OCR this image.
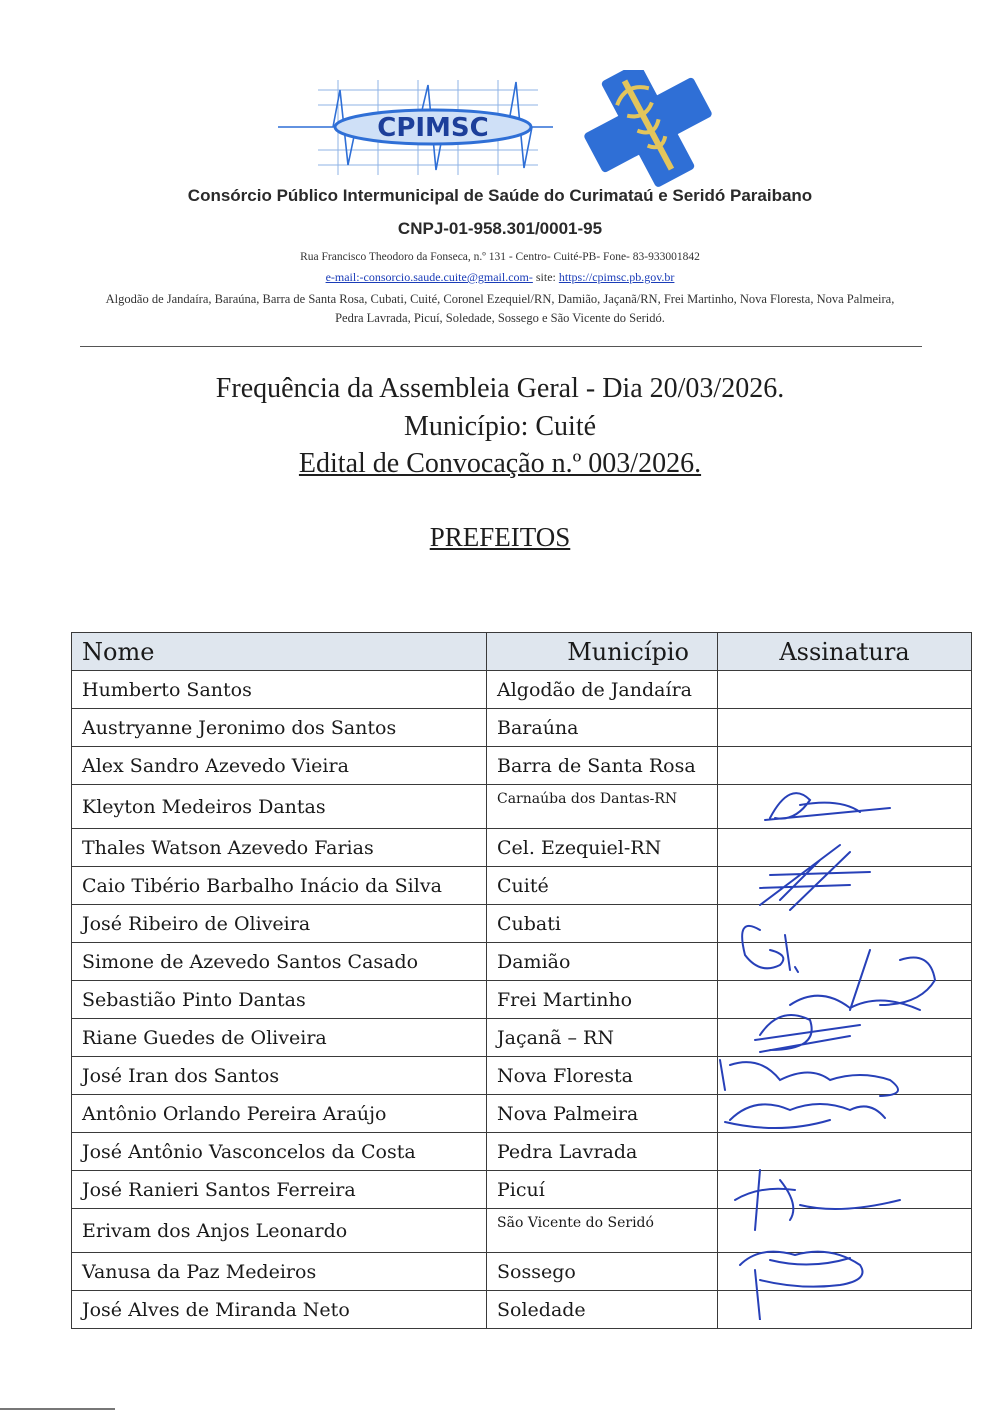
CPIMSC
Consórcio Público Intermunicipal de Saúde do Curimataú e Seridó Paraibano
CNPJ-01-958.301/0001-95
Rua Francisco Theodoro da Fonseca, n.º 131 - Centro- Cuité-PB- Fone- 83-933001842
e-mail:-consorcio.saude.cuite@gmail.com- site: https://cpimsc.pb.gov.br
Algodão de Jandaíra, Baraúna, Barra de Santa Rosa, Cubati, Cuité, Coronel Ezequiel/RN, Damião, Jaçanã/RN, Frei Martinho, Nova Floresta, Nova Palmeira, Pedra Lavrada, Picuí, Soledade, Sossego e São Vicente do Seridó.
Frequência da Assembleia Geral - Dia 20/03/2026.
Município: Cuité
Edital de Convocação n.º 003/2026.
PREFEITOS
Nome	Município	Assinatura
Humberto Santos	Algodão de Jandaíra	
Austryanne Jeronimo dos Santos	Baraúna	
Alex Sandro Azevedo Vieira	Barra de Santa Rosa	
Kleyton Medeiros Dantas	Carnaúba dos Dantas-RN	
Thales Watson Azevedo Farias	Cel. Ezequiel-RN	
Caio Tibério Barbalho Inácio da Silva	Cuité	
José Ribeiro de Oliveira	Cubati	
Simone de Azevedo Santos Casado	Damião	
Sebastião Pinto Dantas	Frei Martinho	
Riane Guedes de Oliveira	Jaçanã – RN	
José Iran dos Santos	Nova Floresta	
Antônio Orlando Pereira Araújo	Nova Palmeira	
José Antônio Vasconcelos da Costa	Pedra Lavrada	
José Ranieri Santos Ferreira	Picuí	
Erivam dos Anjos Leonardo	São Vicente do Seridó	
Vanusa da Paz Medeiros	Sossego	
José Alves de Miranda Neto	Soledade	
